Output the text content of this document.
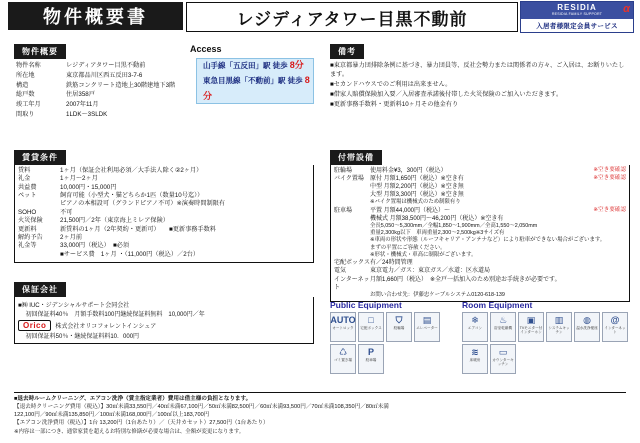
物件概要書	レジディアタワー目黒不動前
RESIDIA
RESIDIA FAMILY SUPPORT
入居者様限定会員サービス
α
物件概要
物件名称	レジディアタワー目黒不動前
所在地	東京都品川区西五反田3-7-6
構造	鉄筋コンクリート造地上30階建地下3階
総戸数	住居358戸
竣工年月	2007年11月
間取り	1LDK～3SLDK
Access
山手線「五反田」駅 徒歩 8分
東急目黒線「不動前」駅 徒歩 8分
備考
■東京都暴力団排除条例に基づき、暴力団員等、反社会勢力または関係者の方々、ご入居は、お断りいたします。
■セカンドハウスでのご利用は出来ません。
■借家人賠償保険加入要／入居審査承諾後付帯した火災保険のご加入いただきます。
■更新事務手数料・更新料10ヶ月その他金有り
賃貸条件
賃料	1ヶ月（保証会社利用必須／大手法人除く②2ヶ月）
礼金	1ヶ月～2ヶ月
共益費	10,000円・15,000円
ペット	飼育可能（小型犬・猫どちらか1匹（数量10号迄））
ピアノの本相設可（グランドピアノ不可）※演奏時間制限有
SOHO	不可
火災保険	21,500円／2年（東京海上ミレア保険）
更新料	新賃料の1ヶ月（2年契約・更新可）　　■更新事務手数料
解約予告	2ヶ月前
礼金等	33,000円（税込）　■必須
■サービス費　1ヶ月 ・（11,000円（税込）／2台）
保証会社
■㈱ IUC・ジデンシャルサポート会同会社
　 初回保証料40％　月額手数料100円継続保証料無料　10,000円／年
Orico	株式会社オリコフォレントインシュア
　 初回保証料50％・継続保証料料10．000円
付帯設備
駐輪場	使用料金¥3，300円（税込）	※空き要確認
バイク置場	原付 月額1,650円（税込）※空き有	※空き要確認
中型 月額2,200円（税込）※空き無
大型 月額3,300円（税込）※空き無
※バイク置場は機械式のため制限有り
駐車場	平置 月額44,000円（税込）～	※空き要確認
機械式 月額38,500円～46,200円（税込）※空き有
全長5,050～5,300mm／全幅1,850～1,900mm／全高1,550～2,050mm
重量2,300kg以下　車両重量2,300～2,500kg※3サイズ有
※車両の形状や形態（ルーフキャリア・アンテナなど）により駐車ができない場合がございます。
まずの平置にご容赦ください。
※形状・機械式・車高に制限がございます。
宅配ボックス 有／24時間管理
電気	東京電力／ガス：東京ガス／水道：区水道局
インターネット
月額1,660円（税込）　※全戸一括加入のため別途お手続きが必要です。
お問い合わせ先：伊藤忠ケーブルシステム0120-618-139
Public Equipment
AUTO
オートロック
□
宅配ボックス
⛉
駐輪場
▤
エレベーター
♺
ゴミ置き場
P
駐車場
Room Equipment
❄
エアコン
♨
浴室乾燥機
▣
TVモニター付インターホン
▥
システムキッチン
◍
温水洗浄便座
@
インターネット
≋
床暖房
▭
カウンターキッチン
■退去時ルームクリーニング、エアコン洗浄（賃主指定業者）費用は借主様の負担となります。
【退去時クリーニング費用（税込）】30㎡未満33,550円／40㎡未満67,100円／50㎡未満82,500円／60㎡未満93,500円／70㎡未満108,350円／80㎡未満
122,100円／90㎡未満135,850円／100㎡未満168,000円／100㎡以上183,700円
【エアコン洗浄費用（税込）】1台 13,200円（1台あたり）／（天井カセット）27,500円（1台あたり）
※内容は一部につき、通常家賃を超えるお特別な修繕が必要な場合は、全額が変更になります。
